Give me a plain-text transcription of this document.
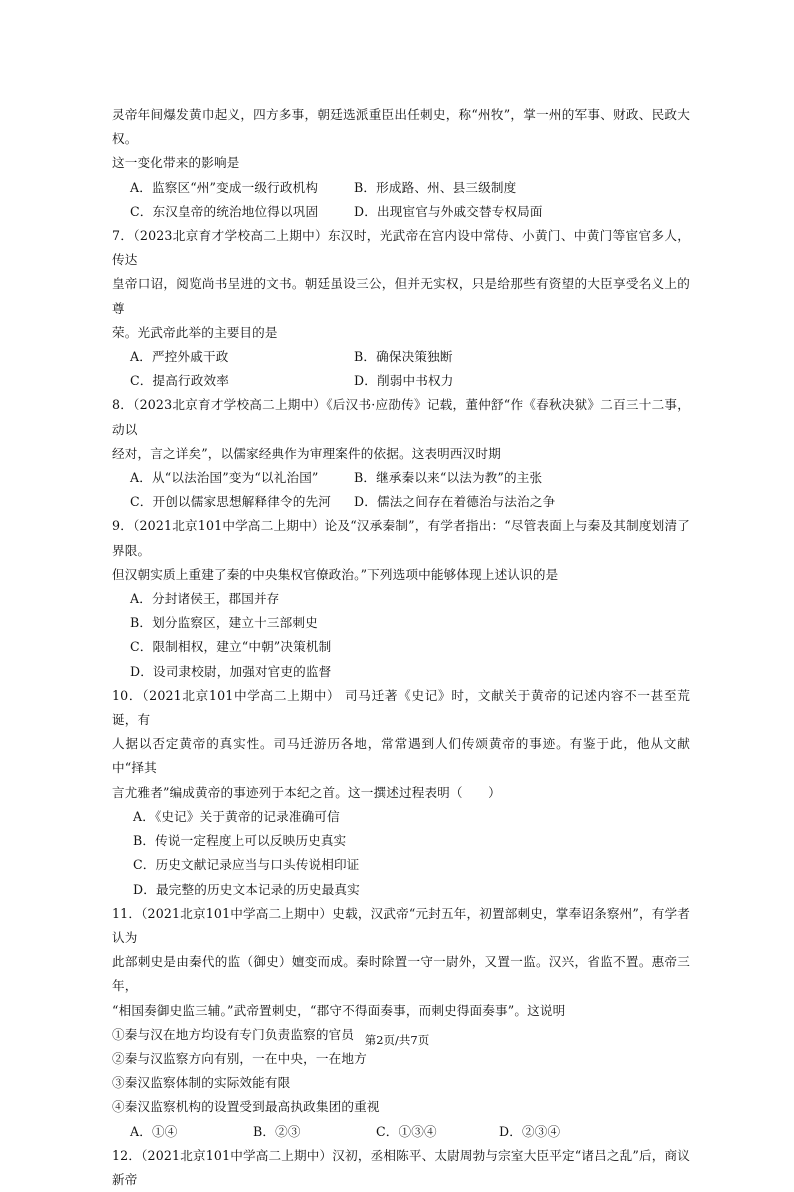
灵帝年间爆发黄巾起义，四方多事，朝廷选派重臣出任刺史，称“州牧”，掌一州的军事、财政、民政大权。

这一变化带来的影响是

A．监察区“州”变成一级行政机构	B．形成路、州、县三级制度
C．东汉皇帝的统治地位得以巩固	D．出现宦官与外戚交替专权局面

7．（2023北京育才学校高二上期中）东汉时，光武帝在宫内设中常侍、小黄门、中黄门等宦官多人，传达

皇帝口诏，阅览尚书呈进的文书。朝廷虽设三公，但并无实权，只是给那些有资望的大臣享受名义上的尊

荣。光武帝此举的主要目的是

A．严控外戚干政	B．确保决策独断
C．提高行政效率	D．削弱中书权力

8．（2023北京育才学校高二上期中）《后汉书·应劭传》记载，董仲舒“作《春秋决狱》二百三十二事，动以

经对，言之详矣”，以儒家经典作为审理案件的依据。这表明西汉时期

A．从“以法治国”变为“以礼治国”	B．继承秦以来“以法为教”的主张
C．开创以儒家思想解释律令的先河	D．儒法之间存在着德治与法治之争

9．（2021北京101中学高二上期中）论及“汉承秦制”，有学者指出：“尽管表面上与秦及其制度划清了界限。

但汉朝实质上重建了秦的中央集权官僚政治。”下列选项中能够体现上述认识的是

A．分封诸侯王，郡国并存

B．划分监察区，建立十三部刺史

C．限制相权，建立“中朝”决策机制

D．设司隶校尉，加强对官吏的监督

10．（2021北京101中学高二上期中） 司马迁著《史记》时，文献关于黄帝的记述内容不一甚至荒诞，有

人据以否定黄帝的真实性。司马迁游历各地，常常遇到人们传颂黄帝的事迹。有鉴于此，他从文献中“择其

言尤雅者”编成黄帝的事迹列于本纪之首。这一撰述过程表明（　　）

A．《史记》关于黄帝的记录准确可信

B．传说一定程度上可以反映历史真实

C．历史文献记录应当与口头传说相印证

D．最完整的历史文本记录的历史最真实

11．（2021北京101中学高二上期中）史载，汉武帝“元封五年，初置部刺史，掌奉诏条察州”，有学者认为

此部刺史是由秦代的监（御史）嬗变而成。秦时除置一守一尉外，又置一监。汉兴，省监不置。惠帝三年，

“相国奏御史监三辅。”武帝置刺史，“郡守不得面奏事，而刺史得面奏事”。这说明

①秦与汉在地方均设有专门负责监察的官员

②秦与汉监察方向有别，一在中央，一在地方

③秦汉监察体制的实际效能有限

④秦汉监察机构的设置受到最高执政集团的重视

A．①④	B．②③	C．①③④	D．②③④

12．（2021北京101中学高二上期中）汉初，丞相陈平、太尉周勃与宗室大臣平定“诸吕之乱”后，商议新帝

第2页/共7页
